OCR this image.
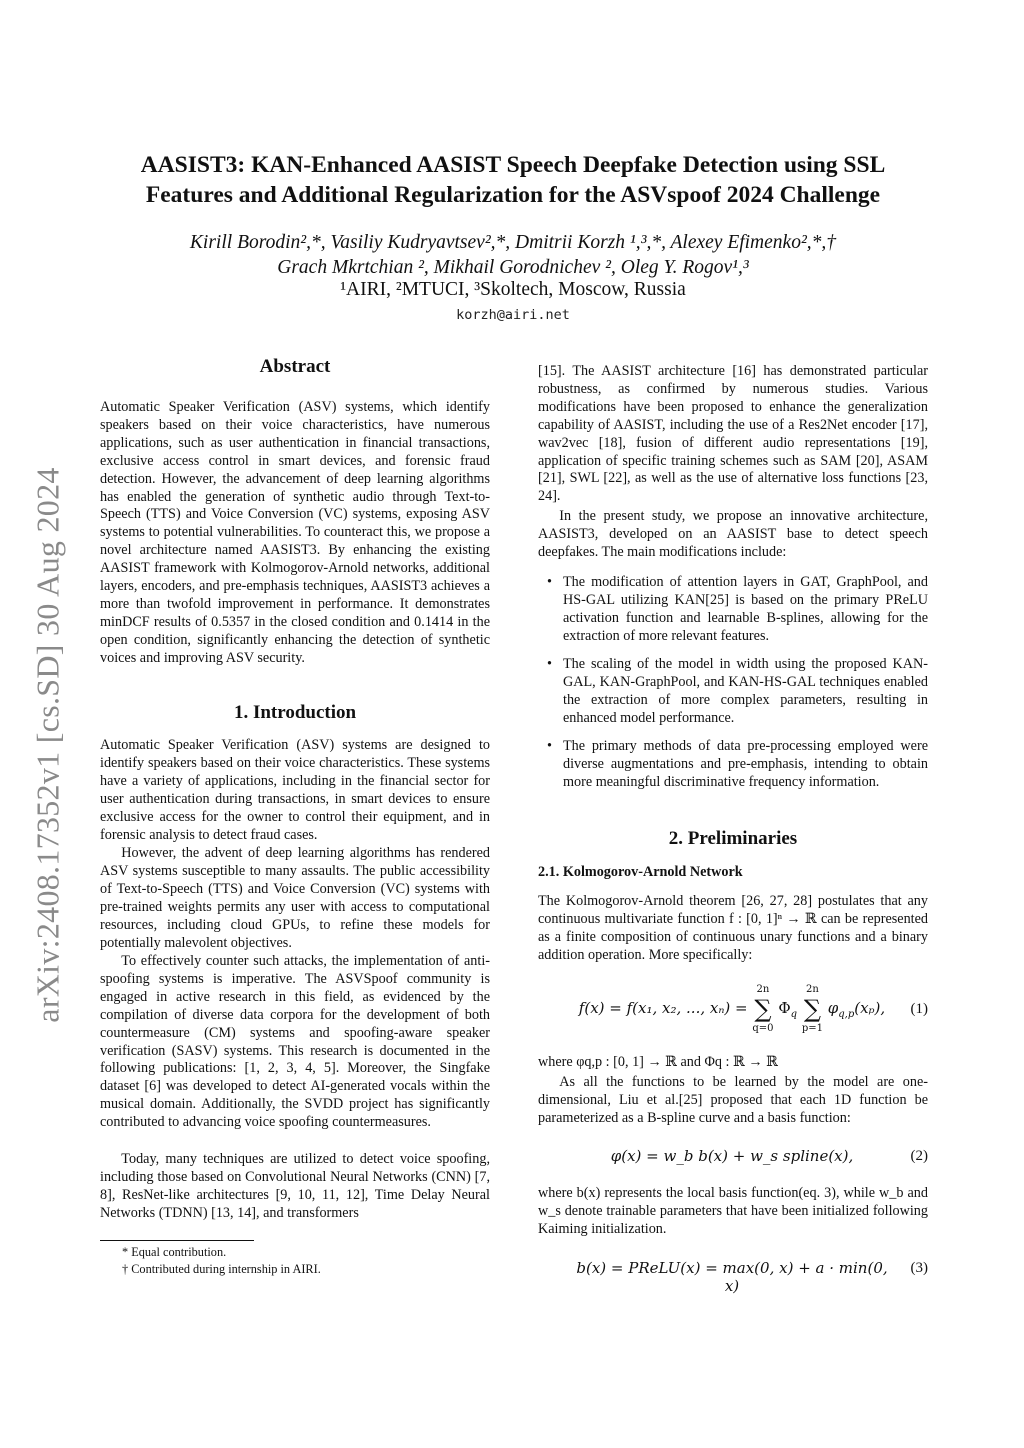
arXiv:2408.17352v1 [cs.SD] 30 Aug 2024
AASIST3: KAN-Enhanced AASIST Speech Deepfake Detection using SSL
Features and Additional Regularization for the ASVspoof 2024 Challenge
Kirill Borodin²,*, Vasiliy Kudryavtsev²,*, Dmitrii Korzh ¹,³,*, Alexey Efimenko²,*,†
Grach Mkrtchian ², Mikhail Gorodnichev ², Oleg Y. Rogov¹,³
¹AIRI, ²MTUCI, ³Skoltech, Moscow, Russia
korzh@airi.net
Abstract
Automatic Speaker Verification (ASV) systems, which identify speakers based on their voice characteristics, have numerous applications, such as user authentication in financial transactions, exclusive access control in smart devices, and forensic fraud detection. However, the advancement of deep learning algorithms has enabled the generation of synthetic audio through Text-to-Speech (TTS) and Voice Conversion (VC) systems, exposing ASV systems to potential vulnerabilities. To counteract this, we propose a novel architecture named AASIST3. By enhancing the existing AASIST framework with Kolmogorov-Arnold networks, additional layers, encoders, and pre-emphasis techniques, AASIST3 achieves a more than twofold improvement in performance. It demonstrates minDCF results of 0.5357 in the closed condition and 0.1414 in the open condition, significantly enhancing the detection of synthetic voices and improving ASV security.
1. Introduction
Automatic Speaker Verification (ASV) systems are designed to identify speakers based on their voice characteristics. These systems have a variety of applications, including in the financial sector for user authentication during transactions, in smart devices to ensure exclusive access for the owner to control their equipment, and in forensic analysis to detect fraud cases.
However, the advent of deep learning algorithms has rendered ASV systems susceptible to many assaults. The public accessibility of Text-to-Speech (TTS) and Voice Conversion (VC) systems with pre-trained weights permits any user with access to computational resources, including cloud GPUs, to refine these models for potentially malevolent objectives.
To effectively counter such attacks, the implementation of anti-spoofing systems is imperative. The ASVSpoof community is engaged in active research in this field, as evidenced by the compilation of diverse data corpora for the development of both countermeasure (CM) systems and spoofing-aware speaker verification (SASV) systems. This research is documented in the following publications: [1, 2, 3, 4, 5]. Moreover, the Singfake dataset [6] was developed to detect AI-generated vocals within the musical domain. Additionally, the SVDD project has significantly contributed to advancing voice spoofing countermeasures.
Today, many techniques are utilized to detect voice spoofing, including those based on Convolutional Neural Networks (CNN) [7, 8], ResNet-like architectures [9, 10, 11, 12], Time Delay Neural Networks (TDNN) [13, 14], and transformers
* Equal contribution.
† Contributed during internship in AIRI.
[15]. The AASIST architecture [16] has demonstrated particular robustness, as confirmed by numerous studies. Various modifications have been proposed to enhance the generalization capability of AASIST, including the use of a Res2Net encoder [17], wav2vec [18], fusion of different audio representations [19], application of specific training schemes such as SAM [20], ASAM [21], SWL [22], as well as the use of alternative loss functions [23, 24].
In the present study, we propose an innovative architecture, AASIST3, developed on an AASIST base to detect speech deepfakes. The main modifications include:
• The modification of attention layers in GAT, GraphPool, and HS-GAL utilizing KAN[25] is based on the primary PReLU activation function and learnable B-splines, allowing for the extraction of more relevant features.
• The scaling of the model in width using the proposed KAN-GAL, KAN-GraphPool, and KAN-HS-GAL techniques enabled the extraction of more complex parameters, resulting in enhanced model performance.
• The primary methods of data pre-processing employed were diverse augmentations and pre-emphasis, intending to obtain more meaningful discriminative frequency information.
2. Preliminaries
2.1. Kolmogorov-Arnold Network
The Kolmogorov-Arnold theorem [26, 27, 28] postulates that any continuous multivariate function f : [0, 1]ⁿ → ℝ can be represented as a finite composition of continuous unary functions and a binary addition operation. More specifically:
f(x) = f(x₁, x₂, ..., xₙ) =
2n
∑
q=0
$\Phi_q$
2n
∑
p=1
$\varphi_{q,p}(x_p)$, (1)
where φq,p : [0, 1] → ℝ and Φq : ℝ → ℝ
As all the functions to be learned by the model are one-dimensional, Liu et al.[25] proposed that each 1D function be parameterized as a B-spline curve and a basis function:
φ(x) = w_b b(x) + w_s spline(x),	(2)
where b(x) represents the local basis function(eq. 3), while w_b and w_s denote trainable parameters that have been initialized following Kaiming initialization.
b(x) = PReLU(x) = max(0, x) + a · min(0, x)
(3)
